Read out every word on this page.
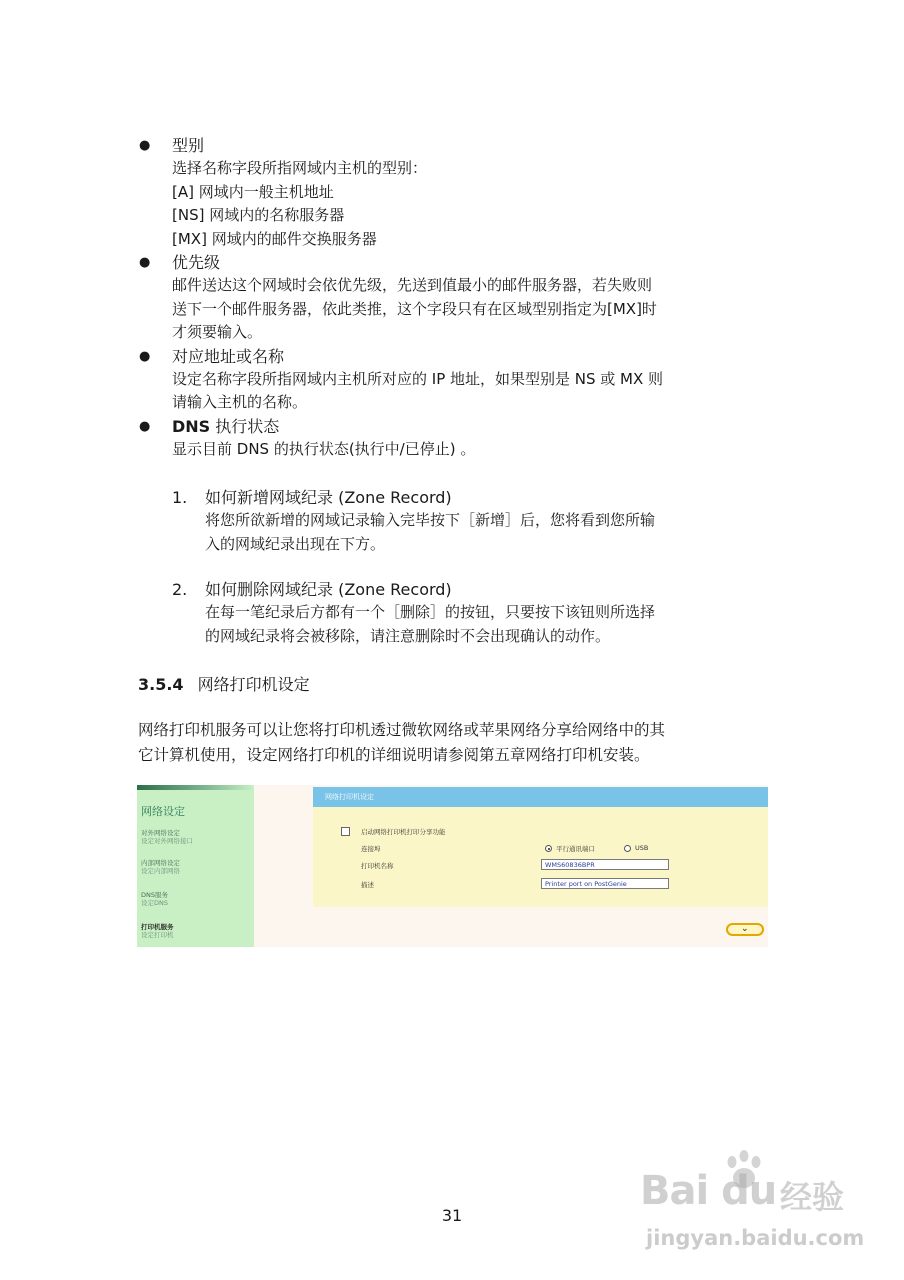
● 型别
选择名称字段所指网域内主机的型别：
[A] 网域内一般主机地址
[NS] 网域内的名称服务器
[MX] 网域内的邮件交换服务器
● 优先级
邮件送达这个网域时会依优先级，先送到值最小的邮件服务器，若失败则
送下一个邮件服务器，依此类推，这个字段只有在区域型别指定为[MX]时
才须要输入。
● 对应地址或名称
设定名称字段所指网域内主机所对应的 IP 地址，如果型别是 NS 或 MX 则
请输入主机的名称。
● DNS 执行状态
显示目前 DNS 的执行状态(执行中/已停止) 。
1. 如何新增网域纪录 (Zone Record)
将您所欲新增的网域记录输入完毕按下［新增］后，您将看到您所输
入的网域纪录出现在下方。
2. 如何删除网域纪录 (Zone Record)
在每一笔纪录后方都有一个［删除］的按钮，只要按下该钮则所选择
的网域纪录将会被移除，请注意删除时不会出现确认的动作。
3.5.4 网络打印机设定
网络打印机服务可以让您将打印机透过微软网络或苹果网络分享给网络中的其
它计算机使用，设定网络打印机的详细说明请参阅第五章网络打印机安装。
网络设定
对外网络设定
设定对外网络接口
内部网络设定
设定内部网络
DNS服务
设定DNS
打印机服务
设定打印机
网络打印机设定
启动网络打印机打印分享功能
连接埠	平行通讯端口	USB
打印机名称	WMS60836BPR
描述	Printer port on PostGenie
⌄
31
Bai du 经验
jingyan.baidu.com
